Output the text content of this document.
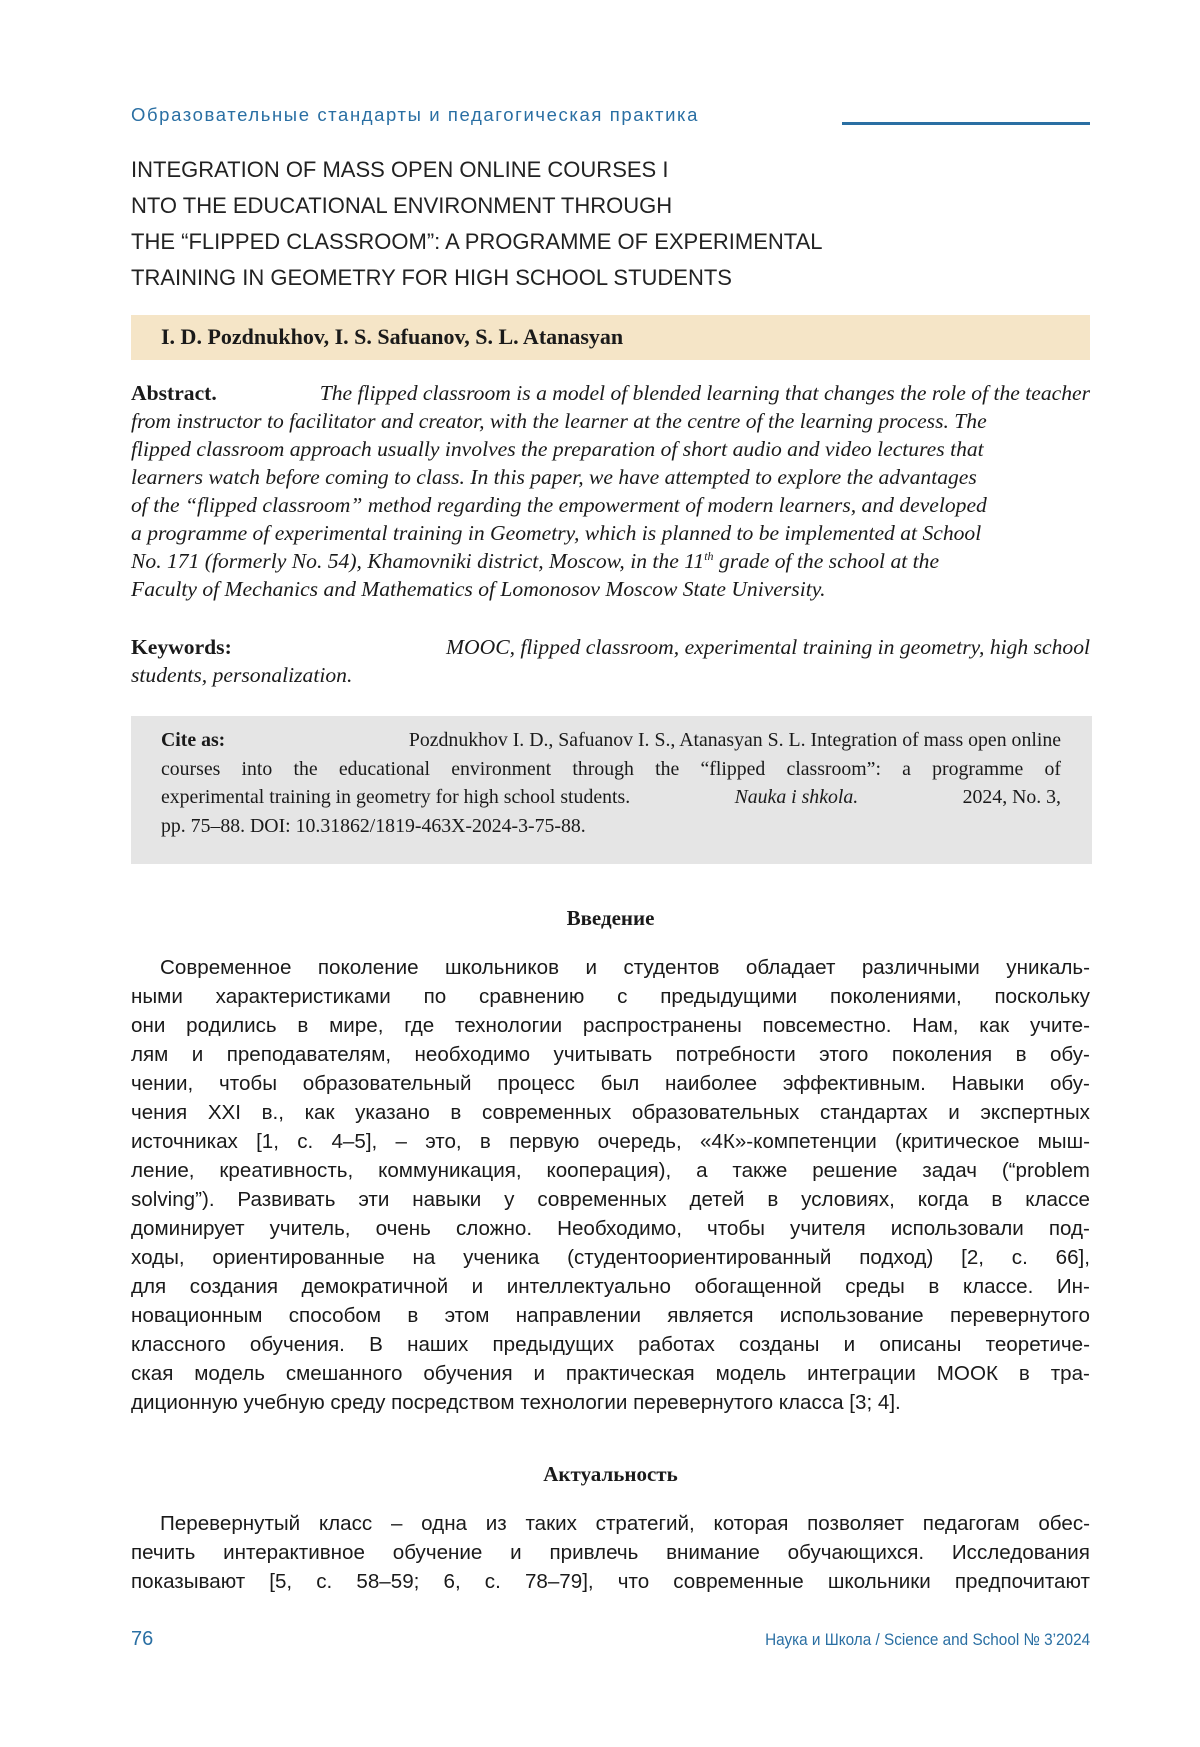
Образовательные стандарты и педагогическая практика
INTEGRATION OF MASS OPEN ONLINE COURSES I
NTO THE EDUCATIONAL ENVIRONMENT THROUGH
THE “FLIPPED CLASSROOM”: A PROGRAMME OF EXPERIMENTAL
TRAINING IN GEOMETRY FOR HIGH SCHOOL STUDENTS
I. D. Pozdnukhov, I. S. Safuanov, S. L. Atanasyan
Abstract.	The flipped classroom is a model of blended learning that changes the role of the teacher
from instructor to facilitator and creator, with the learner at the centre of the learning process. The
flipped classroom approach usually involves the preparation of short audio and video lectures that
learners watch before coming to class. In this paper, we have attempted to explore the advantages
of the “flipped classroom” method regarding the empowerment of modern learners, and developed
a programme of experimental training in Geometry, which is planned to be implemented at School
No. 171 (formerly No. 54), Khamovniki district, Moscow, in the 11th grade of the school at the
Faculty of Mechanics and Mathematics of Lomonosov Moscow State University.
Keywords:	MOOC, flipped classroom, experimental training in geometry, high school
students, personalization.
Cite as:	Pozdnukhov I. D., Safuanov I. S., Atanasyan S. L. Integration of mass open online
courses into the educational environment through the “flipped classroom”: a programme of
experimental training in geometry for high school students.	Nauka i shkola.	2024, No. 3,
pp. 75–88. DOI: 10.31862/1819-463X-2024-3-75-88.
Введение
Современное поколение школьников и студентов обладает различными уникаль-
ными характеристиками по сравнению с предыдущими поколениями, поскольку
они родились в мире, где технологии распространены повсеместно. Нам, как учите-
лям и преподавателям, необходимо учитывать потребности этого поколения в обу-
чении, чтобы образовательный процесс был наиболее эффективным. Навыки обу-
чения XXI в., как указано в современных образовательных стандартах и экспертных
источниках [1, с. 4–5], – это, в первую очередь, «4К»-компетенции (критическое мыш-
ление, креативность, коммуникация, кооперация), а также решение задач (“problem
solving”). Развивать эти навыки у современных детей в условиях, когда в классе
доминирует учитель, очень сложно. Необходимо, чтобы учителя использовали под-
ходы, ориентированные на ученика (студентоориентированный подход) [2, с. 66],
для создания демократичной и интеллектуально обогащенной среды в классе. Ин-
новационным способом в этом направлении является использование перевернутого
классного обучения. В наших предыдущих работах созданы и описаны теоретиче-
ская модель смешанного обучения и практическая модель интеграции МООК в тра-
диционную учебную среду посредством технологии перевернутого класса [3; 4].
Актуальность
Перевернутый класс – одна из таких стратегий, которая позволяет педагогам обес-
печить интерактивное обучение и привлечь внимание обучающихся. Исследования
показывают [5, с. 58–59; 6, с. 78–79], что современные школьники предпочитают
76	Наука и Школа / Science and School № 3’2024
